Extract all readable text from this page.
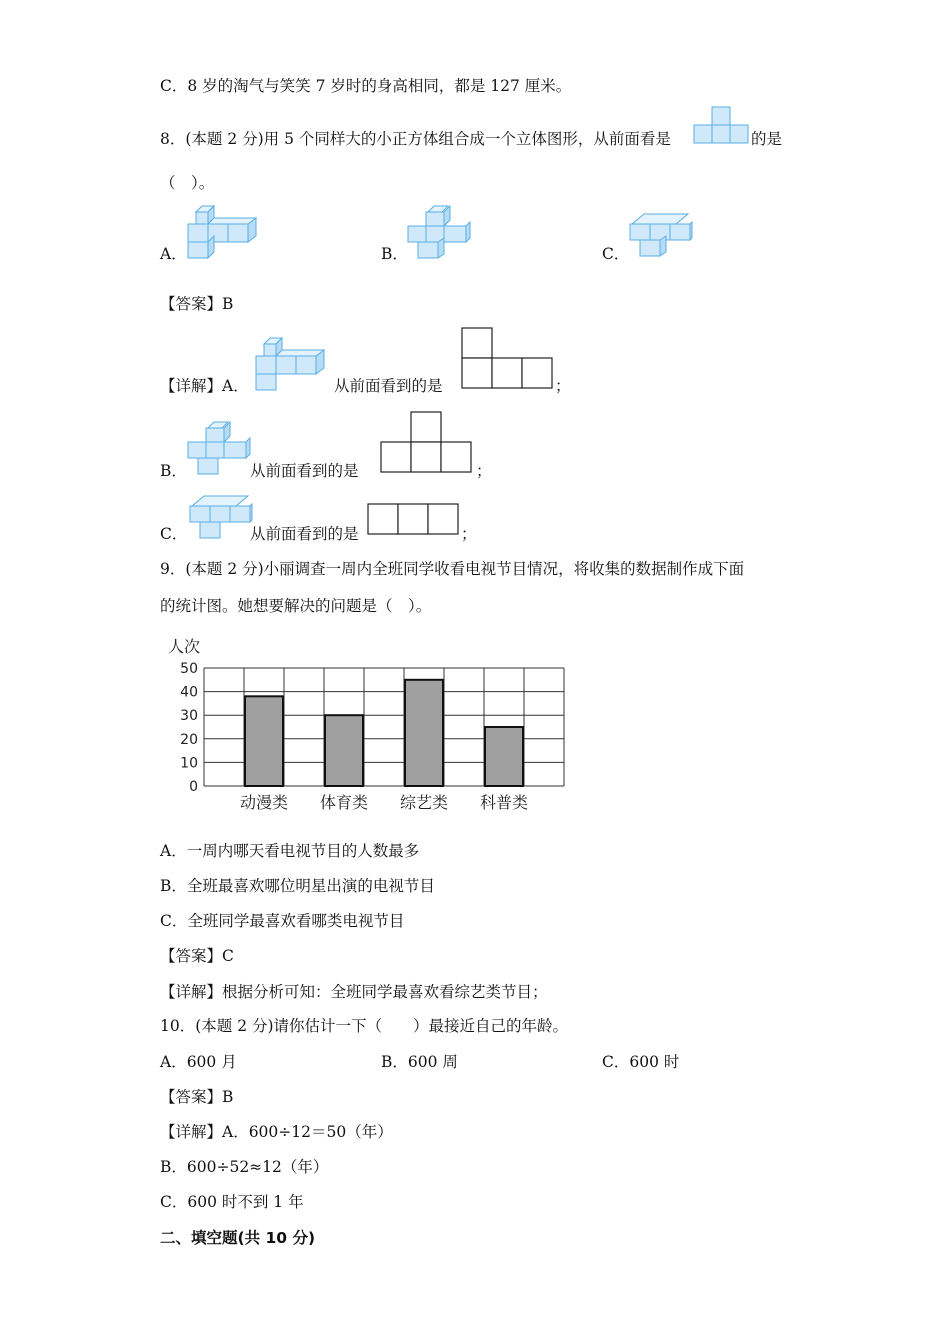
C．8 岁的淘气与笑笑 7 岁时的身高相同，都是 127 厘米。
8．(本题 2 分)用 5 个同样大的小正方体组合成一个立体图形，从前面看是	的是
（　）。
A．	B．	C．
【答案】B
【详解】A．	从前面看到的是	；
B．	从前面看到的是	；
C．	从前面看到的是	；
9．(本题 2 分)小丽调查一周内全班同学收看电视节目情况，将收集的数据制作成下面
的统计图。她想要解决的问题是（　）。
人次
0
10
20
30
40
50
动漫类 体育类 综艺类 科普类
A．一周内哪天看电视节目的人数最多
B．全班最喜欢哪位明星出演的电视节目
C．全班同学最喜欢看哪类电视节目
【答案】C
【详解】根据分析可知：全班同学最喜欢看综艺类节目；
10．(本题 2 分)请你估计一下（　　）最接近自己的年龄。
A．600 月	B．600 周	C．600 时
【答案】B
【详解】A．600÷12＝50（年）
B．600÷52≈12（年）
C．600 时不到 1 年
二、填空题(共 10 分)
